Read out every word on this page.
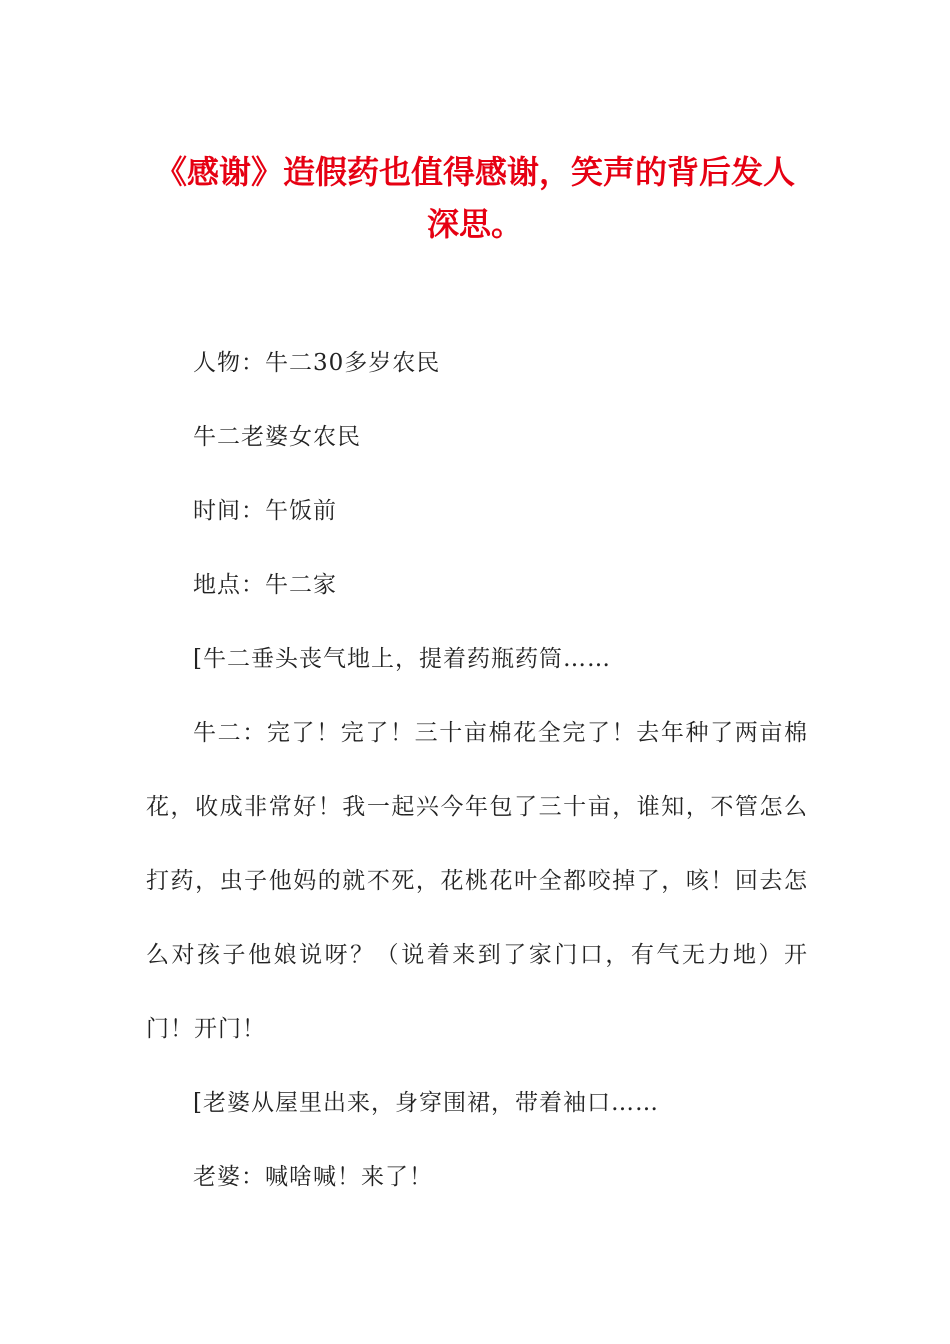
《感谢》造假药也值得感谢，笑声的背后发人深思。

人物：牛二30多岁农民

牛二老婆女农民

时间：午饭前

地点：牛二家

[牛二垂头丧气地上，提着药瓶药筒……

牛二：完了！完了！三十亩棉花全完了！去年种了两亩棉花，收成非常好！我一起兴今年包了三十亩，谁知，不管怎么打药，虫子他妈的就不死，花桃花叶全都咬掉了，咳！回去怎么对孩子他娘说呀？（说着来到了家门口，有气无力地）开门！开门！

[老婆从屋里出来，身穿围裙，带着袖口……

老婆：喊啥喊！来了！
